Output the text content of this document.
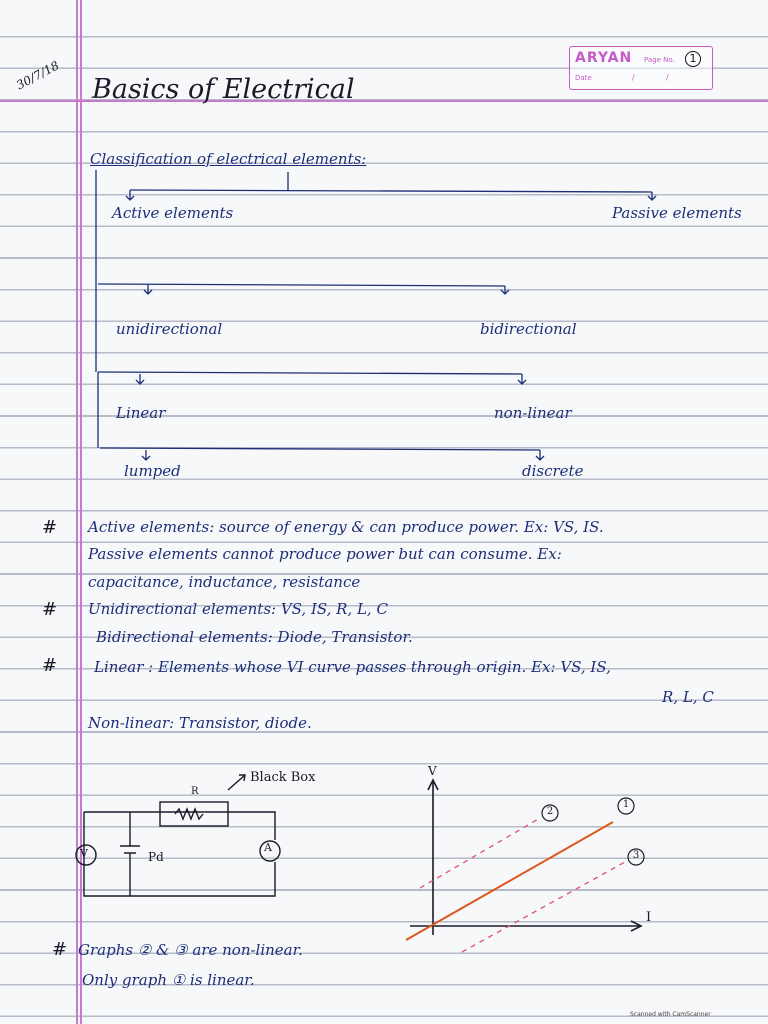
ARYAN Page No.	1
Date	/	/
30/7/18 Basics of Electrical
Classification of electrical elements:
Active elements	Passive elements
unidirectional	bidirectional
Linear	non-linear
lumped	discrete
# Active elements: source of energy & can produce power. Ex: VS, IS.
Passive elements cannot produce power but can consume. Ex:
capacitance, inductance, resistance
# Unidirectional elements: VS, IS, R, L, C
Bidirectional elements: Diode, Transistor.
# Linear : Elements whose VI curve passes through origin. Ex: VS, IS,
R, L, C
Non-linear: Transistor, diode.
Black Box
R
V	A
Pd
V
I
1
2
3
# Graphs ② & ③ are non-linear.
Only graph ① is linear.
Scanned with CamScanner
